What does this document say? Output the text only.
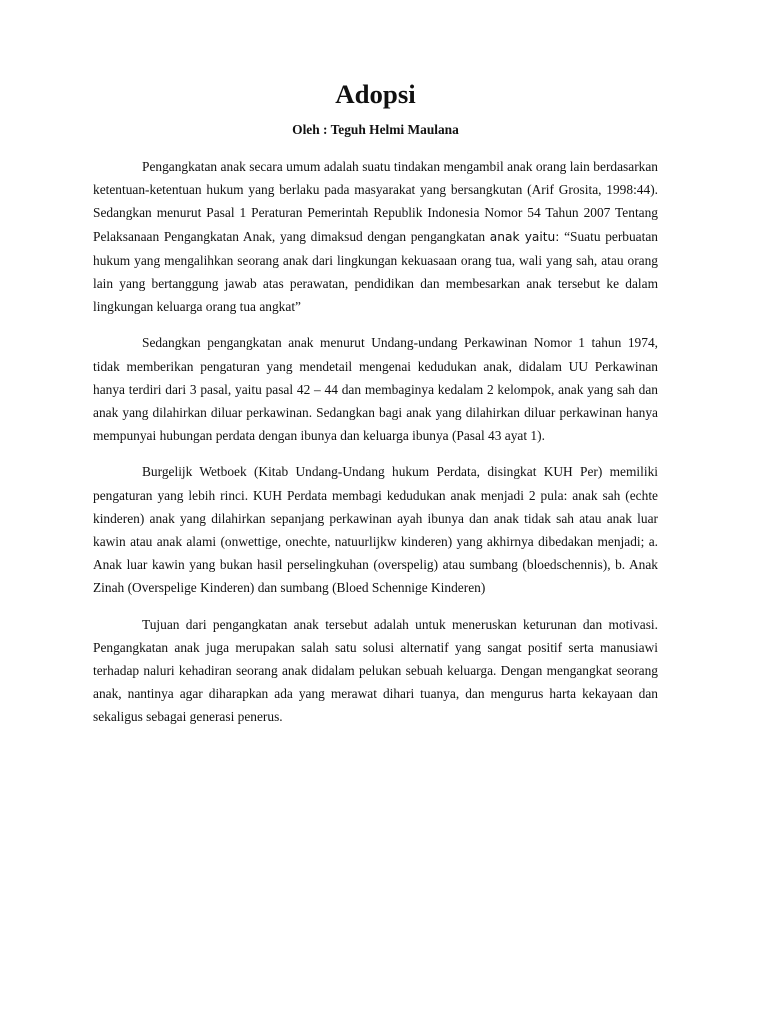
Adopsi

Oleh : Teguh Helmi Maulana

Pengangkatan anak secara umum adalah suatu tindakan mengambil anak orang lain berdasarkan ketentuan-ketentuan hukum yang berlaku pada masyarakat yang bersangkutan (Arif Grosita, 1998:44). Sedangkan menurut Pasal 1 Peraturan Pemerintah Republik Indonesia Nomor 54 Tahun 2007 Tentang Pelaksanaan Pengangkatan Anak, yang dimaksud dengan pengangkatan anak yaitu: “Suatu perbuatan hukum yang mengalihkan seorang anak dari lingkungan kekuasaan orang tua, wali yang sah, atau orang lain yang bertanggung jawab atas perawatan, pendidikan dan membesarkan anak tersebut ke dalam lingkungan keluarga orang tua angkat”

Sedangkan pengangkatan anak menurut Undang-undang Perkawinan Nomor 1 tahun 1974, tidak memberikan pengaturan yang mendetail mengenai kedudukan anak, didalam UU Perkawinan hanya terdiri dari 3 pasal, yaitu pasal 42 – 44 dan membaginya kedalam 2 kelompok, anak yang sah dan anak yang dilahirkan diluar perkawinan. Sedangkan bagi anak yang dilahirkan diluar perkawinan hanya mempunyai hubungan perdata dengan ibunya dan keluarga ibunya (Pasal 43 ayat 1).

Burgelijk Wetboek (Kitab Undang-Undang hukum Perdata, disingkat KUH Per) memiliki pengaturan yang lebih rinci. KUH Perdata membagi kedudukan anak menjadi 2 pula: anak sah (echte kinderen) anak yang dilahirkan sepanjang perkawinan ayah ibunya dan anak tidak sah atau anak luar kawin atau anak alami (onwettige, onechte, natuurlijkw kinderen) yang akhirnya dibedakan menjadi; a. Anak luar kawin yang bukan hasil perselingkuhan (overspelig) atau sumbang (bloedschennis), b. Anak Zinah (Overspelige Kinderen) dan sumbang (Bloed Schennige Kinderen)

Tujuan dari pengangkatan anak tersebut adalah untuk meneruskan keturunan dan motivasi. Pengangkatan anak juga merupakan salah satu solusi alternatif yang sangat positif serta manusiawi terhadap naluri kehadiran seorang anak didalam pelukan sebuah keluarga. Dengan mengangkat seorang anak, nantinya agar diharapkan ada yang merawat dihari tuanya, dan mengurus harta kekayaan dan sekaligus sebagai generasi penerus.
